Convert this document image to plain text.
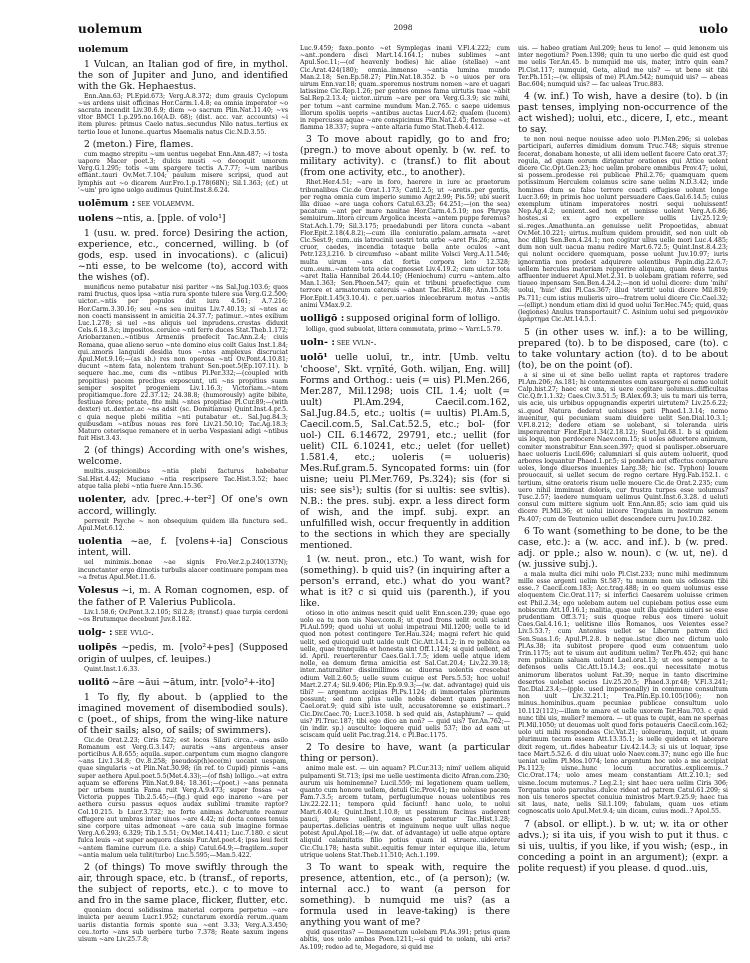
uolemum	2098	uolo
uolemum

1 Vulcan, an Italian god of fire, in mythol. the son of Jupiter and Juno, and identified with the Gk. Hephaestus.

Enn.Ann.63; Pl.Epid.673; Verg.A.8.372; dum grauis Cyclopum ~us ardens uisit officinas Hor.Carm.1.4.8; ea omnia imperator ~o sacrata incendit Liv.30.6.9; diem ~o sacrum Plin.Nat.11.40; ~vs vltor BMCI 1.p.295.no.16(A.D. 68); (dist. acc. var. accounts) ~i item plures: primus Caelo natus..secundus Nilo natus..tertius ex tertio Ioue et Iunone..quartus Maemalis natus Cic.N.D.3.55.

2 (meton.) Fire, flames.

cum magno strepitu ~um uentus uegebat Enn.Ann.487; ~i tosta uapore Macer poet.3; dulcis musti ~o decoquit umorem Verg.G.1.295; totis ~um spargere tectis A.7.77; ~um naribus efflant..tauri Ov.Met.7.104; paulum misere scripsi, quod aut lymphis aut ~o dicarem Aur.Fro.1.p.178(68N); Sil.1.363; (cf.) ut '~um' pro igne uolgo audimus Quint.Inst.8.6.24.

uolēmum : see volaemvm.
uolens ~ntis, a. [pple. of volo¹]

1 (usu. w. pred. force) Desiring the action, experience, etc., concerned, willing. b (of gods, esp. used in invocations). c (alicui) ~nti esse, to be welcome (to), accord with the wishes (of).

munificus nemo putabatur nisi pariter ~ns Sal.Jug.103.6; quos rami fructus, quos ipsa ~ntia rura sponte tulere sua Verg.G.2.500; uictor..~ntis per populos dat iura 4.561; A.7.216; Hor.Carm.3.30.16; seu ~ns seu inuitus Liv.7.40.13; si ~ntes ac non coacti mansissent in amicitia 24.37.7; patimur..~ntes exilium Luc.1.278; si uel ~ns aliquis uel inprudens..crustas diduxit Cels.6.18.3.c; impositos..ceruice ~nti ferre duces Stat.Theb.1.172; Ariobarzanen..~ntibus Armeniis praefecit Tac.Ann.2.4; ciuis Romana, quae alieno seruo ~nte domino eius coilt Gaius Inst.1.84; qui..amoris languidi desidia tuos ~ntes amplexus discruciat Apul.Met.9.16;—(as sb.) res non operosa ~nti Ov.Pont.4.10.81; ducunt ~ntem fata, nolentem trahunt Sen.poet.5(Ep.107.11). b sequere hac..me, cum dis ~ntibus Pl.Per.332;—(coupled with propitius) pacem precibus exposcunt, uti ~ns propitius suam semper sospitet progeniem Liv.1.16.3; Victoriam..~ntem propitiamque..fore 22.37.12; 24.38.8; (humorously) agite bibite, festiuae fores; potate, fite mihi ~ntes propitiae Pl.Cur.89;—(with dexter) ut..dexter..ac ~ns adsit (sc. Domitianus) Quint.Inst.4.pr.5. c quia neque plebi militia ~nti putabatur et.. Sal.Jug.84.3; quibusdam ~ntibus nouas res fore Liv.21.50.10; Tac.Ag.18.3; Maturo ceterisque remanere et in uerba Vespasiani adigi ~ntibus fuit Hist.3.43.

2 (of things) According with one's wishes, welcome.

multis..suspicionibus ~ntia plebi facturus habebatur Sal.Hist.4.42; Muciano ~ntia rescripsere Tac.Hist.3.52; haec atque talia plebi ~ntia fuere Ann.15.36.

uolenter, adv. [prec.+-ter²] Of one's own accord, willingly.

perrexit Psyche ~ non obsequium quidem illa functura sed.. Apul.Met.6.12.

uolentia ~ae, f. [volens+-ia] Conscious intent, will.

uel minimis..bonae ~ae signis Fro.Ver.2.p.240(137N); incunctanter ergo dimotis turbulis alacer continuare pompam mea ~a fretus Apul.Met.11.6.

Volesus ~i, m. A Roman cognomen, esp. of the father of P. Valerius Publicola.

Liv.1.58.6; Ov.Pont.3.2.105; Sil.2.8; (transf.) quae turpia cerdoni ~os Brutumque decebunt Juv.8.182.

uolg- : see vvlg-.
uolipēs ~pedis, m. [volo²+pes] (Supposed origin of uulpes, cf. leuipes.)

Quint.Inst.1.6.33.

uolitō ~āre ~āui ~ātum, intr. [volo²+-ito]

1 To fly, fly about. b (applied to the imagined movement of disembodied souls). c (poet., of ships, from the wing-like nature of their sails; also, of sails; of swimmers).

Cic.de Orat.2.23; Ciris 522; est locos Silari circa..~ans asilo Romanum est Verg.G.3.147; auratis ~ans argenteus anser porticibus A.8.655; aquila..super..carpentum cum magno clangore ~ans Liv.1.34.8; Ov..8.258; pseudosp(h)ece(m) uocant uespam, quae singularis ~at Plin.Nat.30.98; (in ref. to Cupid) pinnis ~ans super aethera Apul.poet.5.5(Met.4.33);—(of fish) lolligo..~at extra aquam se efferens Plin.Nat.9.84; 18.361;—(poet.) ~ans pennata per urbem nuntia Fama ruit Verg.A.9.473; super fossas ~at Victoria puppes Tib.2.5.45;—(fig.) quid ego inareno ~are per aethera cursu passus equos audax sublimi tramite raptor? Col.10.215. b Lucr.3.732; ne forte animas Acherunte reamur effugere aut umbras inter uiuos ~are 4.42; ni docta comes tenuis sine corpore uitas admoneat ~are caua sub imagine formae Verg.A.6.293; 6.329; Tib.1.5.51; Ov.Met.14.411; Luc.7.180. c sicut fulca leuis ~at super aequora classis Fur.Ant.poet.4; ipsa leui fecit ~antem flamine currum (i.e. a ship) Catul.64.9;—fragilem..super ~antia malum uela tulit(turbo) Luc.5.595;—Man.5.422.

2 (of things) To move swiftly through the air, through space, etc. b (transf., of reports, the subject of reports, etc.). c to move to and fro in the same place, flicker, flutter, etc.

quoniam docui solidissima material corpora perpetuo ~are inuicta per aeuum Lucr.1.952; cunctarum exordia rerum..quam uariis distantia formis sponte sua ~ent 3.33; Verg.A.3.450; ceu..torto ~ans sub uerbere turbo 7.378; Reate saxum ingens uisum ~are Liv.25.7.8;

Luc.9.459; faxo..ponto ~et Symplegas inani V.Fl.4.222; cum ~ant..pondera disci Mart.14.164.1; nubes sublimes ~ant Apul.Soc.11;—(of heavenly bodies) hic aliae (stellae) ~ant Cic.Arat.424(180); omnia..inmenso ~antia lumina mundo Man.2.18; Sen.Ep.58.27; Plin.Nat.18.352. b ~o uiuos per ora uirum Enn.var.18; quam..speremus nostrum nomen ~are et uagari latissime Cic.Rep.1.26; per gentes omnes fama uirtutis tuae ~abit Sal.Rep.2.13.4; uictor..uirum ~are per ora Verg.G.3.9; sic mihi, per totum ~ant carmine mundum Man.2.765. c saepe uidemus illorum spoliis uepris ~antibus auctas Lucr.4.62; qualem (lucem) in repercussu aquae ~are conspicimus Plin.Nat.2.45; flexuose ~et flamma 18.337; supra ~ante altaria fumo Stat.Theb.4.412.

3 To move about rapidly, go to and fro; (pregn.) to move about openly. b (w. ref. to military activity). c (transf.) to flit about (from one activity, etc., to another).

Rhet.Her.4.51; ~are in foro, haerere in iure ac praetorum tribunalibus Cic.de Orat.1.173; Catil.2.5; ut ~aretis..per gentis, per regna omnia cum imperio summo Agr.2.99; Pis.59; ubi suerit illa diuae ~are uaga cohors Catul.63.25; 64.251;—(on the sea) pacatum ~ant per mare nauitae Hor.Carm.4.5.19; nos Phryga semiuirum..litora circum Argolica incesta ~antem puppe feremus? Stat.Ach.1.79; Sil.3.175; praedabundi per litora cuncta ~abant Flor.Epit.2.18(4.8.2);—cum illa coniuratio..palam..armata ~aret Cic.Sest.9; cum..uis latrocinii uestri tota urbe ~aret Pis.26; arma, cruor, caedes, incendia totaque bella ante oculos ~ant Petr.123,l.216. b circumfuso ~abant milite Volsci Verg.A.11.546; multa uirum ~ans dat fortia corpora leto 12.328; cum..eum..~antem tota acie cognosset Liv.4.19.2; cum uictor tota ~aret Italia Hannibal 26.44.10; (Heniochum) curru ~antem..alto Man.1.363; Sen.Phoen.547; quin et tribuni praefectique cum terrore et armatorum cateruis ~abant Tac.Hist.2.88; Ann.15.58; Flor.Epit.1.45(3.10.4). c per..uarios inlecebrarum motus ~antis animi V.Max.9.2.

uolligō : supposed original form of lolligo.

lolligo, quod subuolat, littera commutata, primo ~ Varr.L.5.79.

uoln- : see vvln-.
uolō¹ uelle uoluī, tr., intr. [Umb. veltu 'choose', Skt. vṛṇīté, Goth. wiljan, Eng. will] Forms and Orthog.: ueis (= uis) Pl.Men.266, Mer.287, Mil.1298; uois CIL 1.4; uolt (= uult) Pl.Am.294, Caecil.com.162, Sal.Jug.84.5, etc.; uoltis (= uultis) Pl.Am.5, Caecil.com.5, Sal.Cat.52.5, etc.; bol- (for uol-) CIL 6.14672, 29791, etc.; uellit (for uelit) CIL 6.10241, etc.; uelet (for uellet) 1.581.4, etc.; uoleris (= uolueris) Mes.Ruf.gram.5. Syncopated forms: uin (for uisne; ueiu Pl.Mer.769, Ps.324); sis (for si uis: see sis¹); sultis (for si uultis: see svltis). N.B.: the pres. subj. expr. a less direct form of wish, and the impf. subj. expr. an unfulfilled wish, occur frequently in addition to the sections in which they are specially mentioned.

1 (w. neut. pron., etc.) To want, wish for (something). b quid uis? (in inquiring after a person's errand, etc.) what do you want? what is it? c si quid uis (parenth.), if you like.

otioso in otio animus nescit quid uelit Enn.scen.239; quae ego uolo ea tu non uis Naev.com.8; ut quod frons uelit oculi sciant Pl.Aul.599; quod uolui ut uolui impetraui Mil.1200; uelle te id quod non potest contingere Ter.Hau.324; magni refert hic quid uelit, sed quicquid uult ualde uult Cic.Att.14.1.2; in re publica ea uelle, quae tranquilla et honesta sint Off.1.124; si quid uellent, ad id. April. reuerterentur Caes.Gal.1.7.5; idem uelle atque idem nolle, ea demum firma amicitia est Sal.Cat.20.4; Liv.22.39.18; inter..naturaliter dissimillimos ac diuersa uolentis crescebat odium Vell.2.60.5; uelle suum cuique est Pers.5.53; hoc uolui! Mart.2.27.4; Sil.9.406; Plin.Ep.9.9.3;—(w. dat. advantage) quid uis tibi? — argentum accipias Pl.Ps.1124; di immortales plurimum possunt; sed non plus uelle nobis debent quam parentes Cael.orat.9; quid sibi iste uult, accusatoremne se existimari..? Cic.Div.Caec.70; Lucr.3.1058. b sed quid ais, Astaphium? — quid uis? Pl.Truc.187; tibi ego dico an non? — quid uis? Ter.An.762;—(in indir. sp.) ausculto: loquere quid uelis 537; ibo ad eam ut sciscam quid uelit Pac.trag.214. c Pl.Bac.1175.

2 To desire to have, want (a particular thing or person).

animo male est. — uin aquam? Pl.Cur.313; nimi' uellem aliquid pulpamenti St.713; ipsi me uelle uestimenta dicito Afran.com.230; aurum uis hominemne? Lucil.559; mi legationem quam uellem, quanto cum honore uellem, detuli Cic.Prov.41; me uoluisse pacem Fam.7.3.5; arcem tutam, perfugiumque nouas uolentibus res Liv.22.22.11; tempora quid faciunt! hanc uolo, te uolui Mart.6.40.4; Quint.Inst.1.10.8; ut pessimum facinus auderent pauci, plures uellent, omnes paterentur Tac.Hist.1.28; paupertas..delicias uentris et inguinum neque uult ullas neque potest Apul.Apol.18;—(w. dat. of advantage) ut uelle atque optare aliquid calamitatis filio potius quam id struere..uideretur Cic.Clu.178; hasta subit..equitis femur inter equique ilia, letum utrique uolens Stat.Theb.11.510; Ach.1.199.

3 To want to speak with, require the presence, attention, etc., of (a person); (w. internal acc.) to want (a person for something). b numquid me uis? (as a formula used in leave-taking) is there anything you want of me?

quid quaeritas? — Demaenetum uolebam Pl.As.391; prius quam abitis, uos uolo ambas Poen.1211;—si quid te uolam, ubi eris? As.109; redeo ad te, Megadore, si quid me

uis. — habeo gratiam Aul.209; heus tu leno! — quid lenonem uis inter negotium? Poen.1398; quin tu uno uerbo dic quid est quod me uelis Ter.An.45. b numquid me uis, mater, intro quin eam? Pl.Cist.117; numquid, Geta, aliud me uis? — ut bene sit tibi Ter.Ph.151;—(w. ellipsis of me) Pl.Am.542; numquid uis? — abeas Bac.604; numquid uis? — fac ualeas Truc.883.

4 (w. inf.) To wish, have a desire (to). b (in past tenses, implying non-occurrence of the act wished); uolui, etc., dicere, I, etc., meant to say.

te non noui neque nouisse adeo uolo Pl.Men.296; si uolebas participari, auferres dimidium domum Truc.748; siquis strenue fecerat, donabam honeste, ut alii idem uellent facere Cato orat.37; regula, ad quam eorum dirigantur orationes qui Attice uolent dicere Cic.Opt.Gen.23; hoc uelim probare omnibus Prov.47; uolui, si possem..prodesse rei publicae Phil.2.76; quamquam quem potissimum Herculem colamus scire sane uelim N.D.3.42; unde homines dum se falso terrore coacti effugisse uolunt longe Lucr.3.69; in primis hoc uolunt persuadere Caes.Gal.6.14.5; cuius exemplum utinam imperatores nostri sequi uoluissent! Nep.Ag.4.2; uenient..sed non et uenisse uolent Verg.A.6.86; hostes..si ex agro expellere uellis Liv.25.12.9; si..reges..Amathunta..an genuisse uelit Propoetidas, abnuat Ov.Met.10.221; uirtus..multum quidem prouidit, sed non uult ob hoc diligi Sen.Ben.4.24.1; non cogitur ullus uelle mori Luc.4.485; dum non uult uacua manu redire Mart.6.72.5; Quint.Inst.8.4.23; qui nolunt occidere quemquam, posse uolunt Juv.10.97; iuris ignorantia non prodest adquirere uolentibus Papin.dig.22.6.7; uellem hercules materiam repperire aliquam, quam deus tantus affluenter indueret Apul.Met.2.31. b uolebam gratiam referre, sed tiaueo inpensam Sen.Ben.4.24.2;—non id uolui dicere: dum 'mihi' uolui, 'huic' dixi Pl.Cas.367; illud 'stertit' uolui dicere Mil.819; Ps.711; cum istius mulieris uiro—fratrem uolui dicere Cic.Cael.32;—(ellipt.) nondum etiam dixi id quod uolui Ter.Hec.745; quid, quas (legiones) Anulus transportauit? C. Asinium uolui sed μνημονικὸν ἁμάρτημα Cic.Att.14.5.1.

5 (in other uses w. inf.): a to be willing, prepared (to). b to be disposed, care (to). c to take voluntary action (to). d to be about (to), be on the point (of).

a si sine ui et sine bello uelint rapta et raptores tradere Pl.Am.206; As.181; hi contemnentes eum assurgere ei nemo uoluit Calp.hist.27; haec est una, si uere cogitare uolumus..difficultas Cic.Q.fr.1.1.32; Caes.Civ.3.51.5; B.Alex.69.3; uis tu mari uis terra, uis acie, uis urbibus oppugnandis experiri uirtutem? Liv.25.6.22; si..quod Natura dederat uoluisses pati Phaed.1.3.14; nemo inuenitur, qui pecuniam suam diuidere uelit Sen.Dial.10.3.1; V.Fl.8.212; dedere etiam se uolebant, si toleranda uiris imperarentur Flor.Epit.1.34(2.18.12); Suet.Jul.68.1. b si quidem uis loqui, non perdocere Naev.com.15; si uoles aduortere animum, comiter monstrabitur Enn.scen.397; quod si paulisper..obseruare haec uolueris Lucil.696; calumniari si quis autem uoluerit, quod arbores loquantur Phaed.1.pr.5; si pondera aut effectus conparare uoles, longe diuersos inuenies Larg.38; hic (sc. Typhon) Iouem prouocauit, si uellet secum de regno certare Hyg.Fab.152.1. c tertium, sitne oratoris risum uelle mouere Cic.de Orat.2.235; cum uero nihil imminuat doloris, cur frustra turpes esse uolumus? Tusc.2.57; laedere numquam uelimus Quint.Inst.6.3.28. d ueluti consul cum mittere signum uolt Enn.Ann.85; scio iam quid uis dicere Pl.Mil.36; et uolui inicere Tragulam in nostrum senem Ps.407; cum de Teutonico uellet descendere curru Juv.10.282.

6 To want (something to be done, to be the case, etc.): a (w. acc. and inf.). b (w. pred. adj. or pple.; also w. noun). c (w. ut, ne). d (w. jussive subj.).

a mala multa dici mihi uolo Pl.Cist.233; nunc mihi medimnum mille esse argenti uelim St.587; tu nunum non uis odiosam tibi esse..? Caecil.com.183; Acc.trag.488; in eo quem uolumus esse eloquentem Cic.Orat.117; si interfici Caesarem uoluisse crimen est Phil.2.34; ego uolebam autem uel cupiebam potius esse eum nobiscum Att.10.16.1; malitia, quae uult illa quidem uideri se esse prudentiam Off.3.71; suis quoque rebus eos timere uoluit Caes.Gal.4.16.1; uelitisne illos Romanos, uos Veientes esse? Liv.5.53.7; cum Antonius uellet se Liberum patrem dici Sen.Suas.1.6; Apul.Pl.2.8. b neque..istuc dico nec dictum uolo Pl.As.38; ita subitost propere quod eum conuentum uolo Trin.1175; aut te uisum aut auditum uelim? Ter.Ph.452; qui hanc rem publicam saluam uolunt Lael.orat.13; ut eos semper a te defensos uelis Cic.Att.15.14.3; eos..qui necessitate motus animorum liberatos uolunt Fat.39; neque in tanto discrimine desertos uolebat socios Liv.25.20.5; Phaed.3.pr.48; V.Fl.3.241; Tac.Dial.23.4;—(pple. used impersonally) in commune consultum non uult Liv.32.21.1; Tra.Plin.Ep.10.105(106); non minus..hominibus..quam pecuniae publicae consultum uolo 10.112(112);—illam te amare et uelle uxorem Ter.Hau.703. c quid nunc tibi uis, mulier? memora. — ut quas te cupit, eam ne spernas Pl.Mil.1050; ut deuomas uolt quod foris potaueris Caecil.com.162; uolo uti mihi respondeas Cic.Vat.21; uolueram, inquit, ut quam plurimum tecum essem Att.13.35.1; is uelle quidem et laborare dixit regem, ut..fides habeatur Liv.42.14.3; si uis ut loquar, ipse tace Mart.5.52.6. d diu uiuat uolo Naev.com.37; nunc ego ille huc ueniat uelim Pl.Mos.1074; leno argentum hoc uolo a me accipiat Ps.1123; uisne..hunc locum accuratius..explicemus..? Cic.Orat.174; uolo ames meam constantiam Att.2.10.1; sed uisne..locum mutemus..? Leg.2.1; sint haec uera uelim Ciris 306; Torquatus uolo paruulus..dulce rideat ad patrem Catul.61.209; si non uis teneros spectet conuiua ministros Mart.9.25.9; haec tua sit laus, nate, uelis Sil.1.109; fabulam, quam uos etiam cognoscatis uolo Apul.Met.9.4; uin dicam, cuius modi..? Apol.55.

7 (absol. or ellipt.). b w. ut; w. ita or other advs.); si ita uis, if you wish to put it thus. c si uis, uultis, if you like, if you wish; (esp., in conceding a point in an argument); (expr. a polite request) if you please. d quod..uis,
